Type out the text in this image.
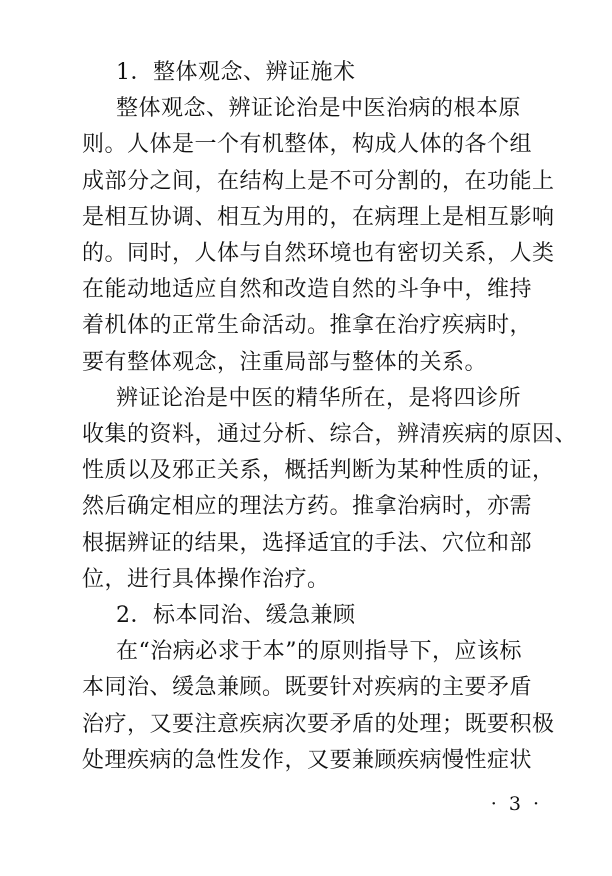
1．整体观念、辨证施术
整体观念、辨证论治是中医治病的根本原
则。人体是一个有机整体，构成人体的各个组
成部分之间，在结构上是不可分割的，在功能上
是相互协调、相互为用的，在病理上是相互影响
的。同时，人体与自然环境也有密切关系，人类
在能动地适应自然和改造自然的斗争中，维持
着机体的正常生命活动。推拿在治疗疾病时，
要有整体观念，注重局部与整体的关系。
辨证论治是中医的精华所在，是将四诊所
收集的资料，通过分析、综合，辨清疾病的原因、
性质以及邪正关系，概括判断为某种性质的证，
然后确定相应的理法方药。推拿治病时，亦需
根据辨证的结果，选择适宜的手法、穴位和部
位，进行具体操作治疗。
2．标本同治、缓急兼顾
· 3 ·
在“治病必求于本”的原则指导下，应该标
本同治、缓急兼顾。既要针对疾病的主要矛盾
治疗，又要注意疾病次要矛盾的处理；既要积极
处理疾病的急性发作，又要兼顾疾病慢性症状
